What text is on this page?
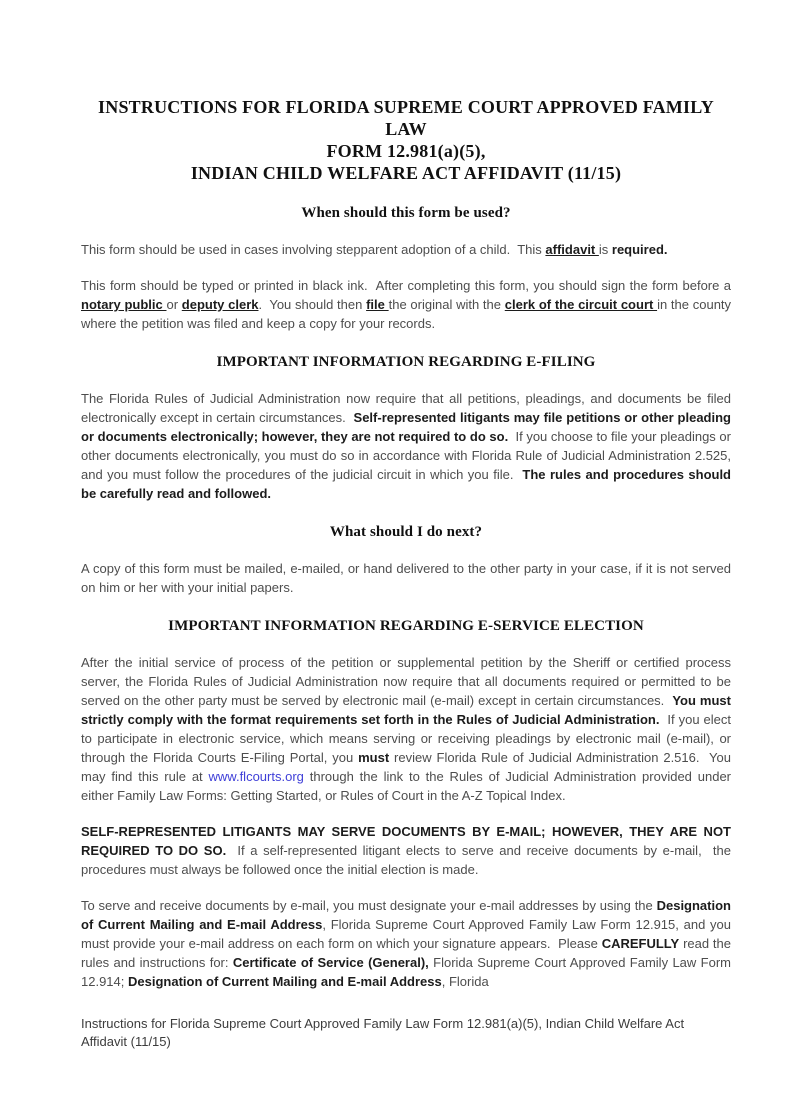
INSTRUCTIONS FOR FLORIDA SUPREME COURT APPROVED FAMILY LAW
FORM 12.981(a)(5),
INDIAN CHILD WELFARE ACT AFFIDAVIT (11/15)
When should this form be used?

This form should be used in cases involving stepparent adoption of a child.  This affidavit is required.

This form should be typed or printed in black ink.  After completing this form, you should sign the form before a notary public or deputy clerk.  You should then file the original with the clerk of the circuit court in the county where the petition was filed and keep a copy for your records.

IMPORTANT INFORMATION REGARDING E-FILING

The Florida Rules of Judicial Administration now require that all petitions, pleadings, and documents be filed electronically except in certain circumstances.  Self-represented litigants may file petitions or other pleading or documents electronically; however, they are not required to do so.  If you choose to file your pleadings or other documents electronically, you must do so in accordance with Florida Rule of Judicial Administration 2.525, and you must follow the procedures of the judicial circuit in which you file.  The rules and procedures should be carefully read and followed.

What should I do next?

A copy of this form must be mailed, e-mailed, or hand delivered to the other party in your case, if it is not served on him or her with your initial papers.

IMPORTANT INFORMATION REGARDING E-SERVICE ELECTION

After the initial service of process of the petition or supplemental petition by the Sheriff or certified process server, the Florida Rules of Judicial Administration now require that all documents required or permitted to be served on the other party must be served by electronic mail (e-mail) except in certain circumstances.  You must strictly comply with the format requirements set forth in the Rules of Judicial Administration.  If you elect to participate in electronic service, which means serving or receiving pleadings by electronic mail (e-mail), or through the Florida Courts E-Filing Portal, you must review Florida Rule of Judicial Administration 2.516.  You may find this rule at www.flcourts.org through the link to the Rules of Judicial Administration provided under either Family Law Forms: Getting Started, or Rules of Court in the A-Z Topical Index.

SELF-REPRESENTED LITIGANTS MAY SERVE DOCUMENTS BY E-MAIL; HOWEVER, THEY ARE NOT REQUIRED TO DO SO.  If a self-represented litigant elects to serve and receive documents by e-mail,  the procedures must always be followed once the initial election is made.

To serve and receive documents by e-mail, you must designate your e-mail addresses by using the Designation of Current Mailing and E-mail Address, Florida Supreme Court Approved Family Law Form 12.915, and you must provide your e-mail address on each form on which your signature appears.  Please CAREFULLY read the rules and instructions for: Certificate of Service (General), Florida Supreme Court Approved Family Law Form 12.914; Designation of Current Mailing and E-mail Address, Florida

Instructions for Florida Supreme Court Approved Family Law Form 12.981(a)(5), Indian Child Welfare Act Affidavit (11/15)
